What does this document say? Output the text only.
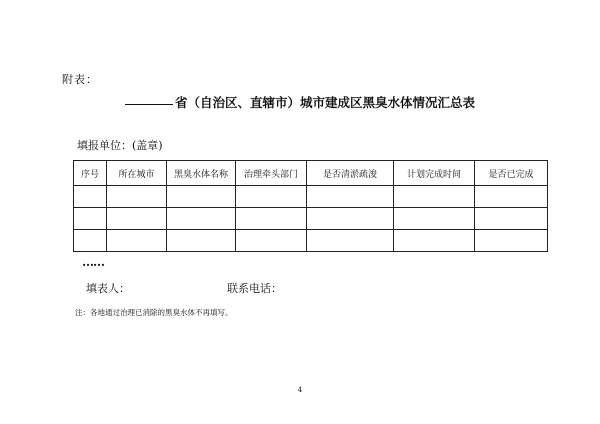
附表：
省（自治区、直辖市）城市建成区黑臭水体情况汇总表
填报单位：(盖章)
序号	所在城市	黑臭水体名称	治理牵头部门	是否清淤疏浚	计划完成时间	是否已完成

……
填表人：	联系电话：
注：各地通过治理已消除的黑臭水体不再填写。
4
